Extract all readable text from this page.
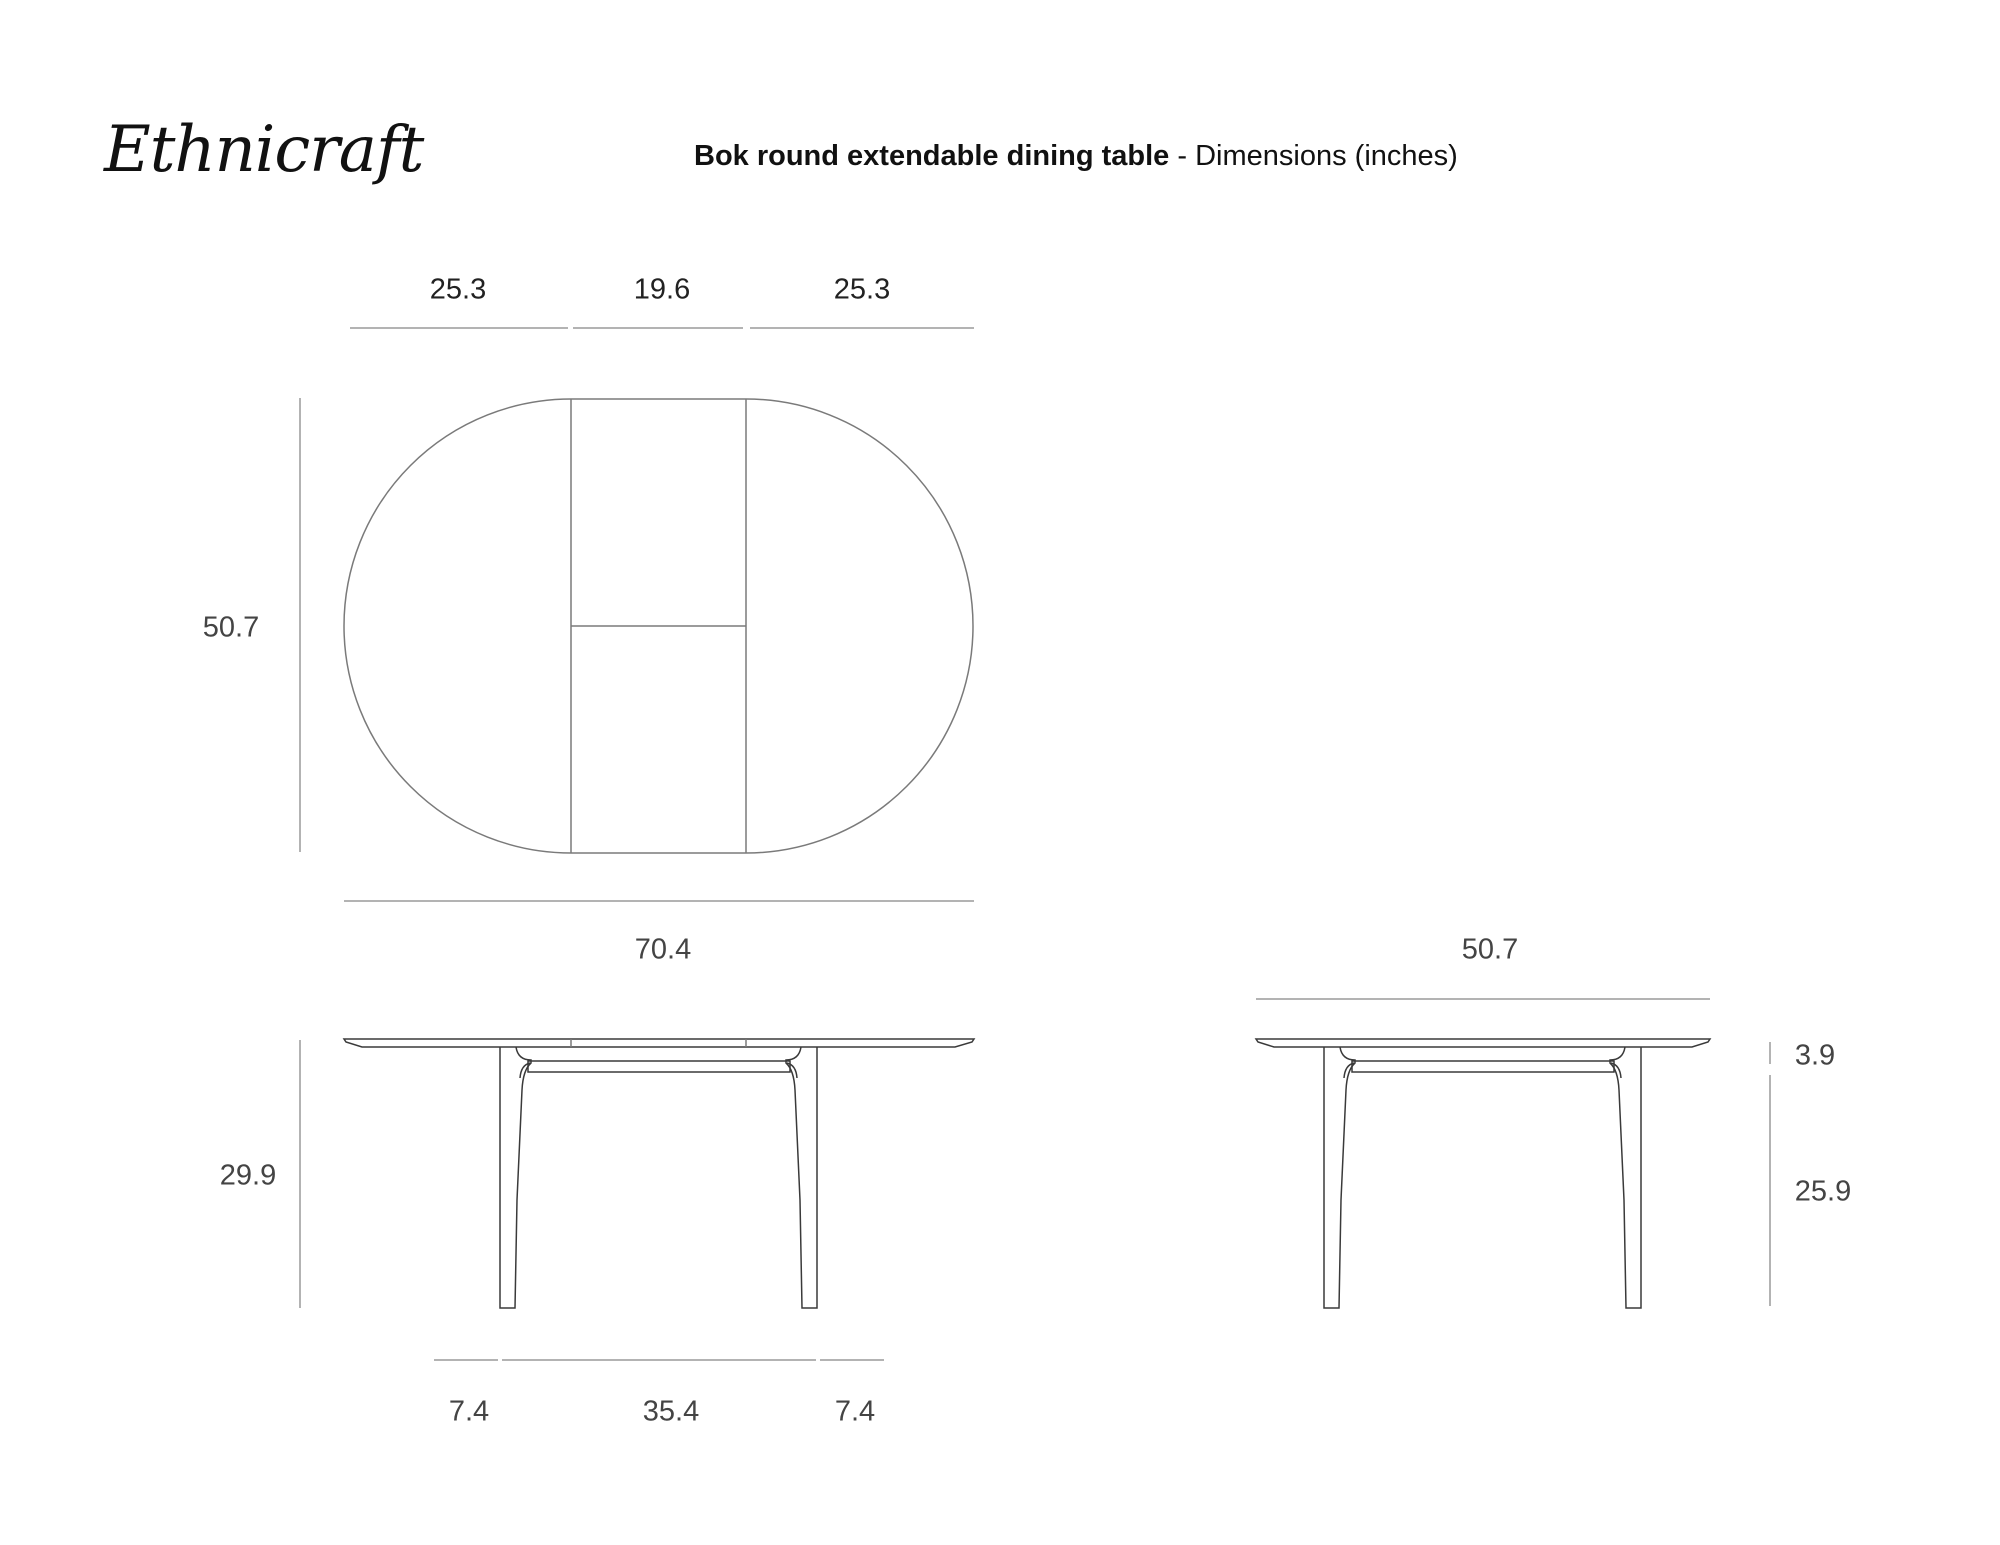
Ethnicraft	Bok round extendable dining table - Dimensions (inches)
25.3	19.6	25.3
50.7
70.4
29.9
7.4	35.4	7.4
50.7
3.9
25.9
